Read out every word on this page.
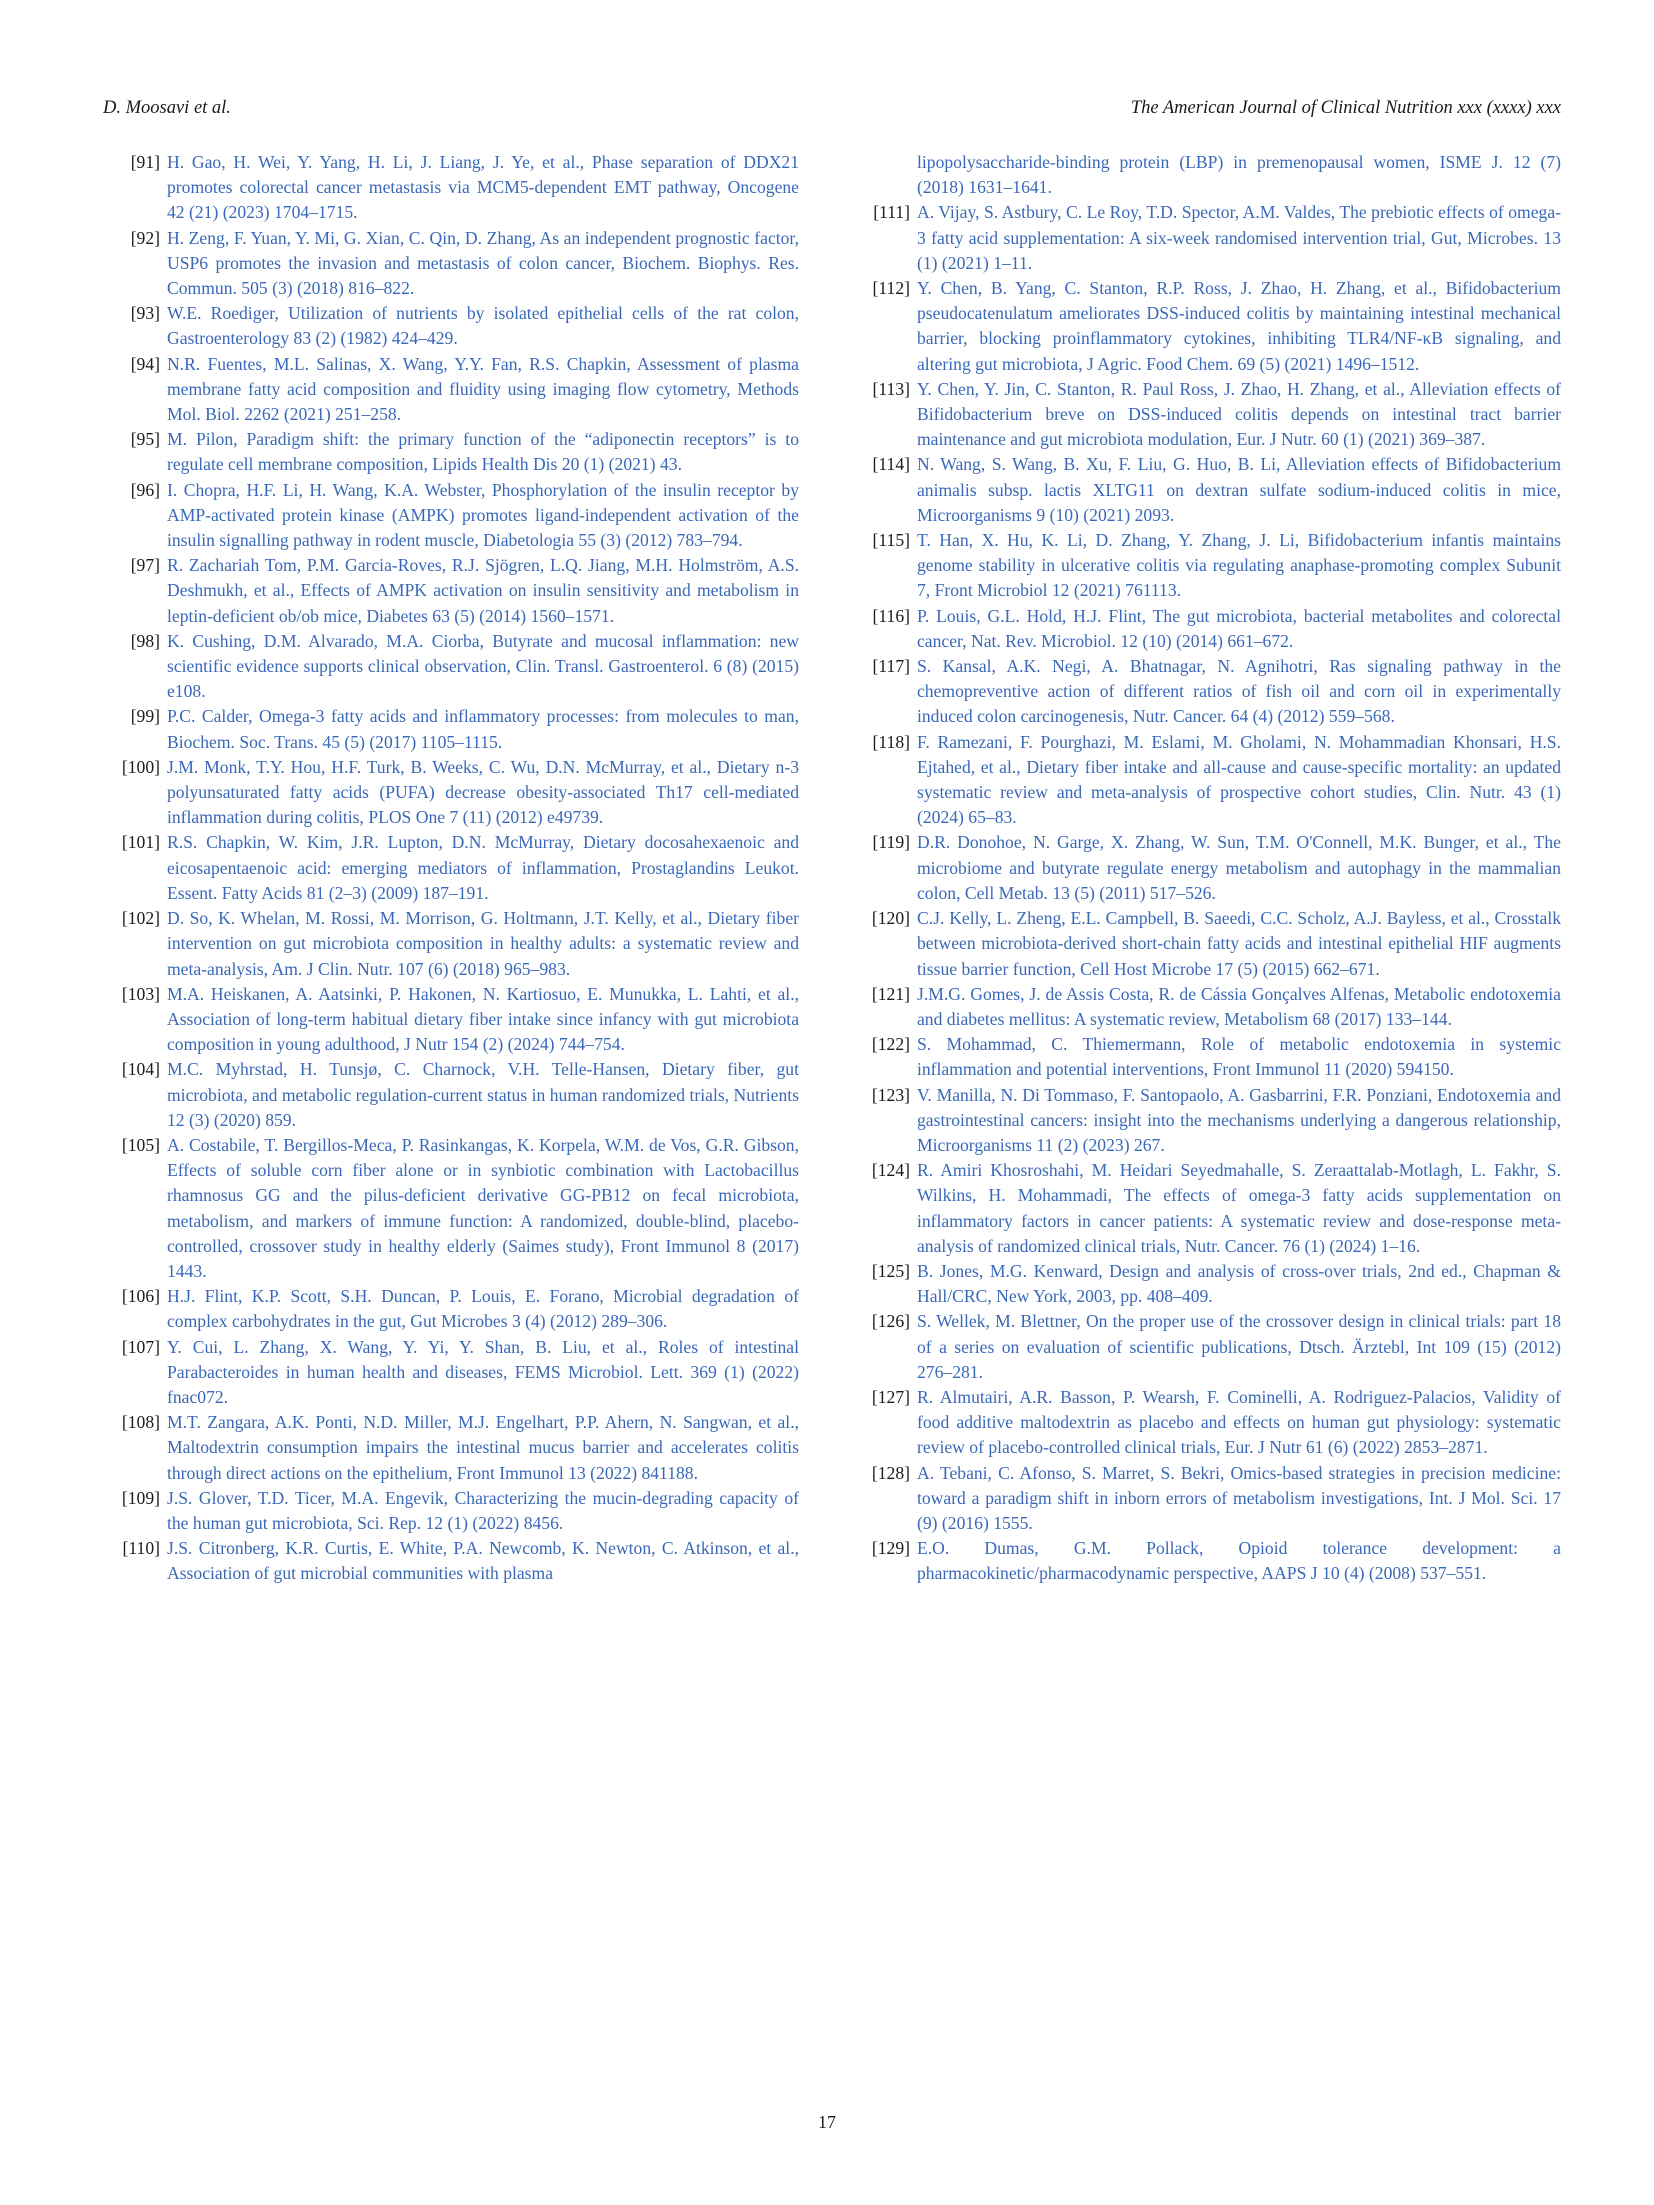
D. Moosavi et al.	The American Journal of Clinical Nutrition xxx (xxxx) xxx
[91] H. Gao, H. Wei, Y. Yang, H. Li, J. Liang, J. Ye, et al., Phase separation of DDX21 promotes colorectal cancer metastasis via MCM5-dependent EMT pathway, Oncogene 42 (21) (2023) 1704–1715.
[92] H. Zeng, F. Yuan, Y. Mi, G. Xian, C. Qin, D. Zhang, As an independent prognostic factor, USP6 promotes the invasion and metastasis of colon cancer, Biochem. Biophys. Res. Commun. 505 (3) (2018) 816–822.
[93] W.E. Roediger, Utilization of nutrients by isolated epithelial cells of the rat colon, Gastroenterology 83 (2) (1982) 424–429.
[94] N.R. Fuentes, M.L. Salinas, X. Wang, Y.Y. Fan, R.S. Chapkin, Assessment of plasma membrane fatty acid composition and fluidity using imaging flow cytometry, Methods Mol. Biol. 2262 (2021) 251–258.
[95] M. Pilon, Paradigm shift: the primary function of the “adiponectin receptors” is to regulate cell membrane composition, Lipids Health Dis 20 (1) (2021) 43.
[96] I. Chopra, H.F. Li, H. Wang, K.A. Webster, Phosphorylation of the insulin receptor by AMP-activated protein kinase (AMPK) promotes ligand-independent activation of the insulin signalling pathway in rodent muscle, Diabetologia 55 (3) (2012) 783–794.
[97] R. Zachariah Tom, P.M. Garcia-Roves, R.J. Sjögren, L.Q. Jiang, M.H. Holmström, A.S. Deshmukh, et al., Effects of AMPK activation on insulin sensitivity and metabolism in leptin-deficient ob/ob mice, Diabetes 63 (5) (2014) 1560–1571.
[98] K. Cushing, D.M. Alvarado, M.A. Ciorba, Butyrate and mucosal inflammation: new scientific evidence supports clinical observation, Clin. Transl. Gastroenterol. 6 (8) (2015) e108.
[99] P.C. Calder, Omega-3 fatty acids and inflammatory processes: from molecules to man, Biochem. Soc. Trans. 45 (5) (2017) 1105–1115.
[100] J.M. Monk, T.Y. Hou, H.F. Turk, B. Weeks, C. Wu, D.N. McMurray, et al., Dietary n-3 polyunsaturated fatty acids (PUFA) decrease obesity-associated Th17 cell-mediated inflammation during colitis, PLOS One 7 (11) (2012) e49739.
[101] R.S. Chapkin, W. Kim, J.R. Lupton, D.N. McMurray, Dietary docosahexaenoic and eicosapentaenoic acid: emerging mediators of inflammation, Prostaglandins Leukot. Essent. Fatty Acids 81 (2–3) (2009) 187–191.
[102] D. So, K. Whelan, M. Rossi, M. Morrison, G. Holtmann, J.T. Kelly, et al., Dietary fiber intervention on gut microbiota composition in healthy adults: a systematic review and meta-analysis, Am. J Clin. Nutr. 107 (6) (2018) 965–983.
[103] M.A. Heiskanen, A. Aatsinki, P. Hakonen, N. Kartiosuo, E. Munukka, L. Lahti, et al., Association of long-term habitual dietary fiber intake since infancy with gut microbiota composition in young adulthood, J Nutr 154 (2) (2024) 744–754.
[104] M.C. Myhrstad, H. Tunsjø, C. Charnock, V.H. Telle-Hansen, Dietary fiber, gut microbiota, and metabolic regulation-current status in human randomized trials, Nutrients 12 (3) (2020) 859.
[105] A. Costabile, T. Bergillos-Meca, P. Rasinkangas, K. Korpela, W.M. de Vos, G.R. Gibson, Effects of soluble corn fiber alone or in synbiotic combination with Lactobacillus rhamnosus GG and the pilus-deficient derivative GG-PB12 on fecal microbiota, metabolism, and markers of immune function: A randomized, double-blind, placebo-controlled, crossover study in healthy elderly (Saimes study), Front Immunol 8 (2017) 1443.
[106] H.J. Flint, K.P. Scott, S.H. Duncan, P. Louis, E. Forano, Microbial degradation of complex carbohydrates in the gut, Gut Microbes 3 (4) (2012) 289–306.
[107] Y. Cui, L. Zhang, X. Wang, Y. Yi, Y. Shan, B. Liu, et al., Roles of intestinal Parabacteroides in human health and diseases, FEMS Microbiol. Lett. 369 (1) (2022) fnac072.
[108] M.T. Zangara, A.K. Ponti, N.D. Miller, M.J. Engelhart, P.P. Ahern, N. Sangwan, et al., Maltodextrin consumption impairs the intestinal mucus barrier and accelerates colitis through direct actions on the epithelium, Front Immunol 13 (2022) 841188.
[109] J.S. Glover, T.D. Ticer, M.A. Engevik, Characterizing the mucin-degrading capacity of the human gut microbiota, Sci. Rep. 12 (1) (2022) 8456.
[110] J.S. Citronberg, K.R. Curtis, E. White, P.A. Newcomb, K. Newton, C. Atkinson, et al., Association of gut microbial communities with plasma
lipopolysaccharide-binding protein (LBP) in premenopausal women, ISME J. 12 (7) (2018) 1631–1641.
[111] A. Vijay, S. Astbury, C. Le Roy, T.D. Spector, A.M. Valdes, The prebiotic effects of omega-3 fatty acid supplementation: A six-week randomised intervention trial, Gut, Microbes. 13 (1) (2021) 1–11.
[112] Y. Chen, B. Yang, C. Stanton, R.P. Ross, J. Zhao, H. Zhang, et al., Bifidobacterium pseudocatenulatum ameliorates DSS-induced colitis by maintaining intestinal mechanical barrier, blocking proinflammatory cytokines, inhibiting TLR4/NF-κB signaling, and altering gut microbiota, J Agric. Food Chem. 69 (5) (2021) 1496–1512.
[113] Y. Chen, Y. Jin, C. Stanton, R. Paul Ross, J. Zhao, H. Zhang, et al., Alleviation effects of Bifidobacterium breve on DSS-induced colitis depends on intestinal tract barrier maintenance and gut microbiota modulation, Eur. J Nutr. 60 (1) (2021) 369–387.
[114] N. Wang, S. Wang, B. Xu, F. Liu, G. Huo, B. Li, Alleviation effects of Bifidobacterium animalis subsp. lactis XLTG11 on dextran sulfate sodium-induced colitis in mice, Microorganisms 9 (10) (2021) 2093.
[115] T. Han, X. Hu, K. Li, D. Zhang, Y. Zhang, J. Li, Bifidobacterium infantis maintains genome stability in ulcerative colitis via regulating anaphase-promoting complex Subunit 7, Front Microbiol 12 (2021) 761113.
[116] P. Louis, G.L. Hold, H.J. Flint, The gut microbiota, bacterial metabolites and colorectal cancer, Nat. Rev. Microbiol. 12 (10) (2014) 661–672.
[117] S. Kansal, A.K. Negi, A. Bhatnagar, N. Agnihotri, Ras signaling pathway in the chemopreventive action of different ratios of fish oil and corn oil in experimentally induced colon carcinogenesis, Nutr. Cancer. 64 (4) (2012) 559–568.
[118] F. Ramezani, F. Pourghazi, M. Eslami, M. Gholami, N. Mohammadian Khonsari, H.S. Ejtahed, et al., Dietary fiber intake and all-cause and cause-specific mortality: an updated systematic review and meta-analysis of prospective cohort studies, Clin. Nutr. 43 (1) (2024) 65–83.
[119] D.R. Donohoe, N. Garge, X. Zhang, W. Sun, T.M. O'Connell, M.K. Bunger, et al., The microbiome and butyrate regulate energy metabolism and autophagy in the mammalian colon, Cell Metab. 13 (5) (2011) 517–526.
[120] C.J. Kelly, L. Zheng, E.L. Campbell, B. Saeedi, C.C. Scholz, A.J. Bayless, et al., Crosstalk between microbiota-derived short-chain fatty acids and intestinal epithelial HIF augments tissue barrier function, Cell Host Microbe 17 (5) (2015) 662–671.
[121] J.M.G. Gomes, J. de Assis Costa, R. de Cássia Gonçalves Alfenas, Metabolic endotoxemia and diabetes mellitus: A systematic review, Metabolism 68 (2017) 133–144.
[122] S. Mohammad, C. Thiemermann, Role of metabolic endotoxemia in systemic inflammation and potential interventions, Front Immunol 11 (2020) 594150.
[123] V. Manilla, N. Di Tommaso, F. Santopaolo, A. Gasbarrini, F.R. Ponziani, Endotoxemia and gastrointestinal cancers: insight into the mechanisms underlying a dangerous relationship, Microorganisms 11 (2) (2023) 267.
[124] R. Amiri Khosroshahi, M. Heidari Seyedmahalle, S. Zeraattalab-Motlagh, L. Fakhr, S. Wilkins, H. Mohammadi, The effects of omega-3 fatty acids supplementation on inflammatory factors in cancer patients: A systematic review and dose-response meta-analysis of randomized clinical trials, Nutr. Cancer. 76 (1) (2024) 1–16.
[125] B. Jones, M.G. Kenward, Design and analysis of cross-over trials, 2nd ed., Chapman & Hall/CRC, New York, 2003, pp. 408–409.
[126] S. Wellek, M. Blettner, On the proper use of the crossover design in clinical trials: part 18 of a series on evaluation of scientific publications, Dtsch. Ärztebl, Int 109 (15) (2012) 276–281.
[127] R. Almutairi, A.R. Basson, P. Wearsh, F. Cominelli, A. Rodriguez-Palacios, Validity of food additive maltodextrin as placebo and effects on human gut physiology: systematic review of placebo-controlled clinical trials, Eur. J Nutr 61 (6) (2022) 2853–2871.
[128] A. Tebani, C. Afonso, S. Marret, S. Bekri, Omics-based strategies in precision medicine: toward a paradigm shift in inborn errors of metabolism investigations, Int. J Mol. Sci. 17 (9) (2016) 1555.
[129] E.O. Dumas, G.M. Pollack, Opioid tolerance development: a pharmacokinetic/pharmacodynamic perspective, AAPS J 10 (4) (2008) 537–551.
17
